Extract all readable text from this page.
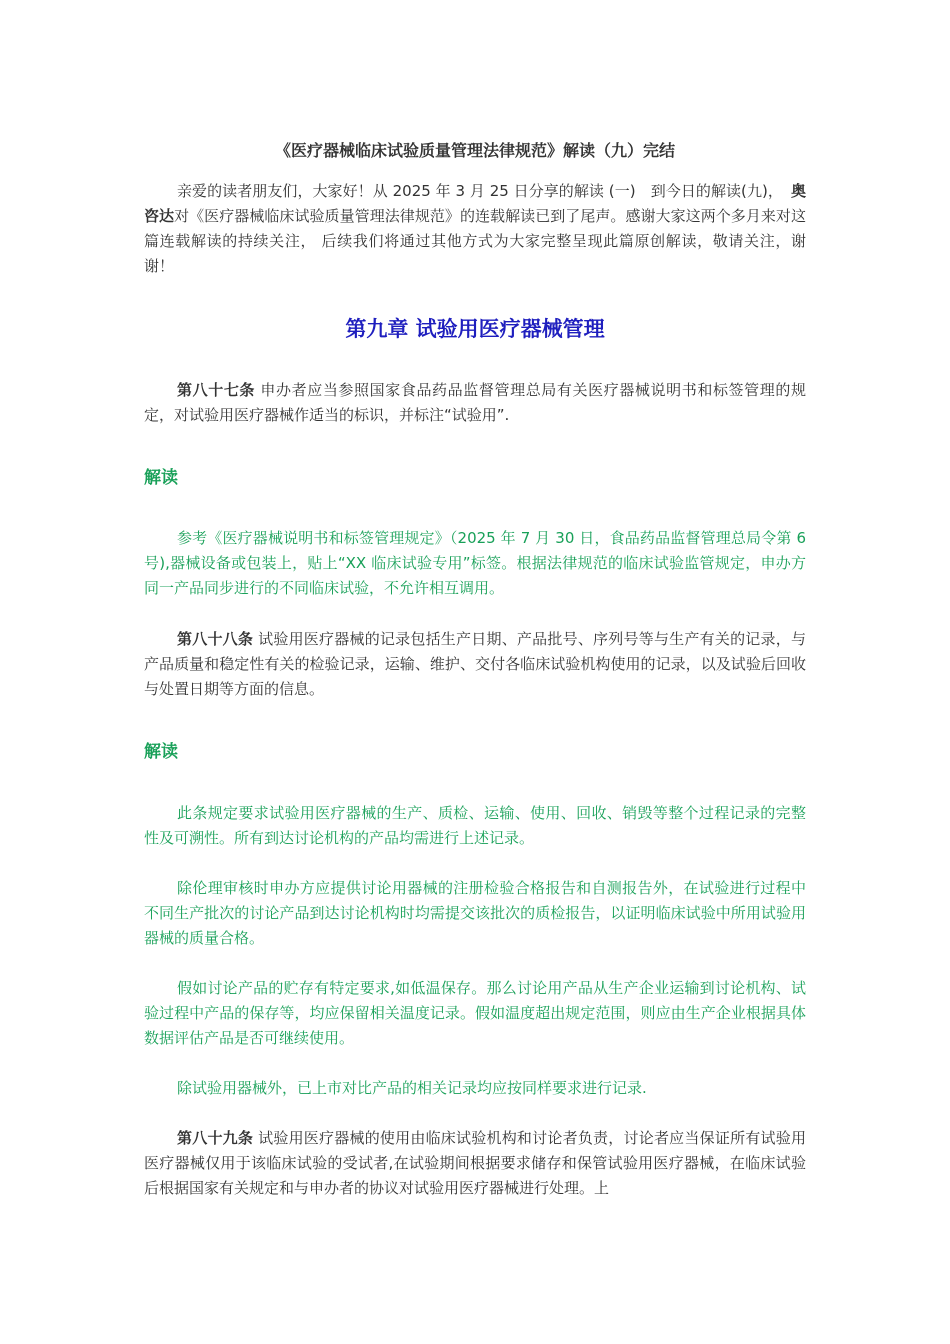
《医疗器械临床试验质量管理法律规范》解读（九）完结

亲爱的读者朋友们，大家好！从 2025 年 3 月 25 日分享的解读 (一)　到今日的解读(九)， 奥咨达对《医疗器械临床试验质量管理法律规范》的连载解读已到了尾声。感谢大家这两个多月来对这篇连载解读的持续关注， 后续我们将通过其他方式为大家完整呈现此篇原创解读，敬请关注，谢谢！

第九章 试验用医疗器械管理

第八十七条 申办者应当参照国家食品药品监督管理总局有关医疗器械说明书和标签管理的规定，对试验用医疗器械作适当的标识，并标注“试验用”.

解读

参考《医疗器械说明书和标签管理规定》（2025 年 7 月 30 日，食品药品监督管理总局令第 6 号),器械设备或包装上，贴上“XX 临床试验专用”标签。根据法律规范的临床试验监管规定，申办方同一产品同步进行的不同临床试验，不允许相互调用。

第八十八条 试验用医疗器械的记录包括生产日期、产品批号、序列号等与生产有关的记录，与产品质量和稳定性有关的检验记录，运输、维护、交付各临床试验机构使用的记录，以及试验后回收与处置日期等方面的信息。

解读

此条规定要求试验用医疗器械的生产、质检、运输、使用、回收、销毁等整个过程记录的完整性及可溯性。所有到达讨论机构的产品均需进行上述记录。

除伦理审核时申办方应提供讨论用器械的注册检验合格报告和自测报告外，在试验进行过程中不同生产批次的讨论产品到达讨论机构时均需提交该批次的质检报告，以证明临床试验中所用试验用器械的质量合格。

假如讨论产品的贮存有特定要求,如低温保存。那么讨论用产品从生产企业运输到讨论机构、试验过程中产品的保存等，均应保留相关温度记录。假如温度超出规定范围，则应由生产企业根据具体数据评估产品是否可继续使用。

除试验用器械外，已上市对比产品的相关记录均应按同样要求进行记录.

第八十九条 试验用医疗器械的使用由临床试验机构和讨论者负责，讨论者应当保证所有试验用医疗器械仅用于该临床试验的受试者,在试验期间根据要求储存和保管试验用医疗器械，在临床试验后根据国家有关规定和与申办者的协议对试验用医疗器械进行处理。上
